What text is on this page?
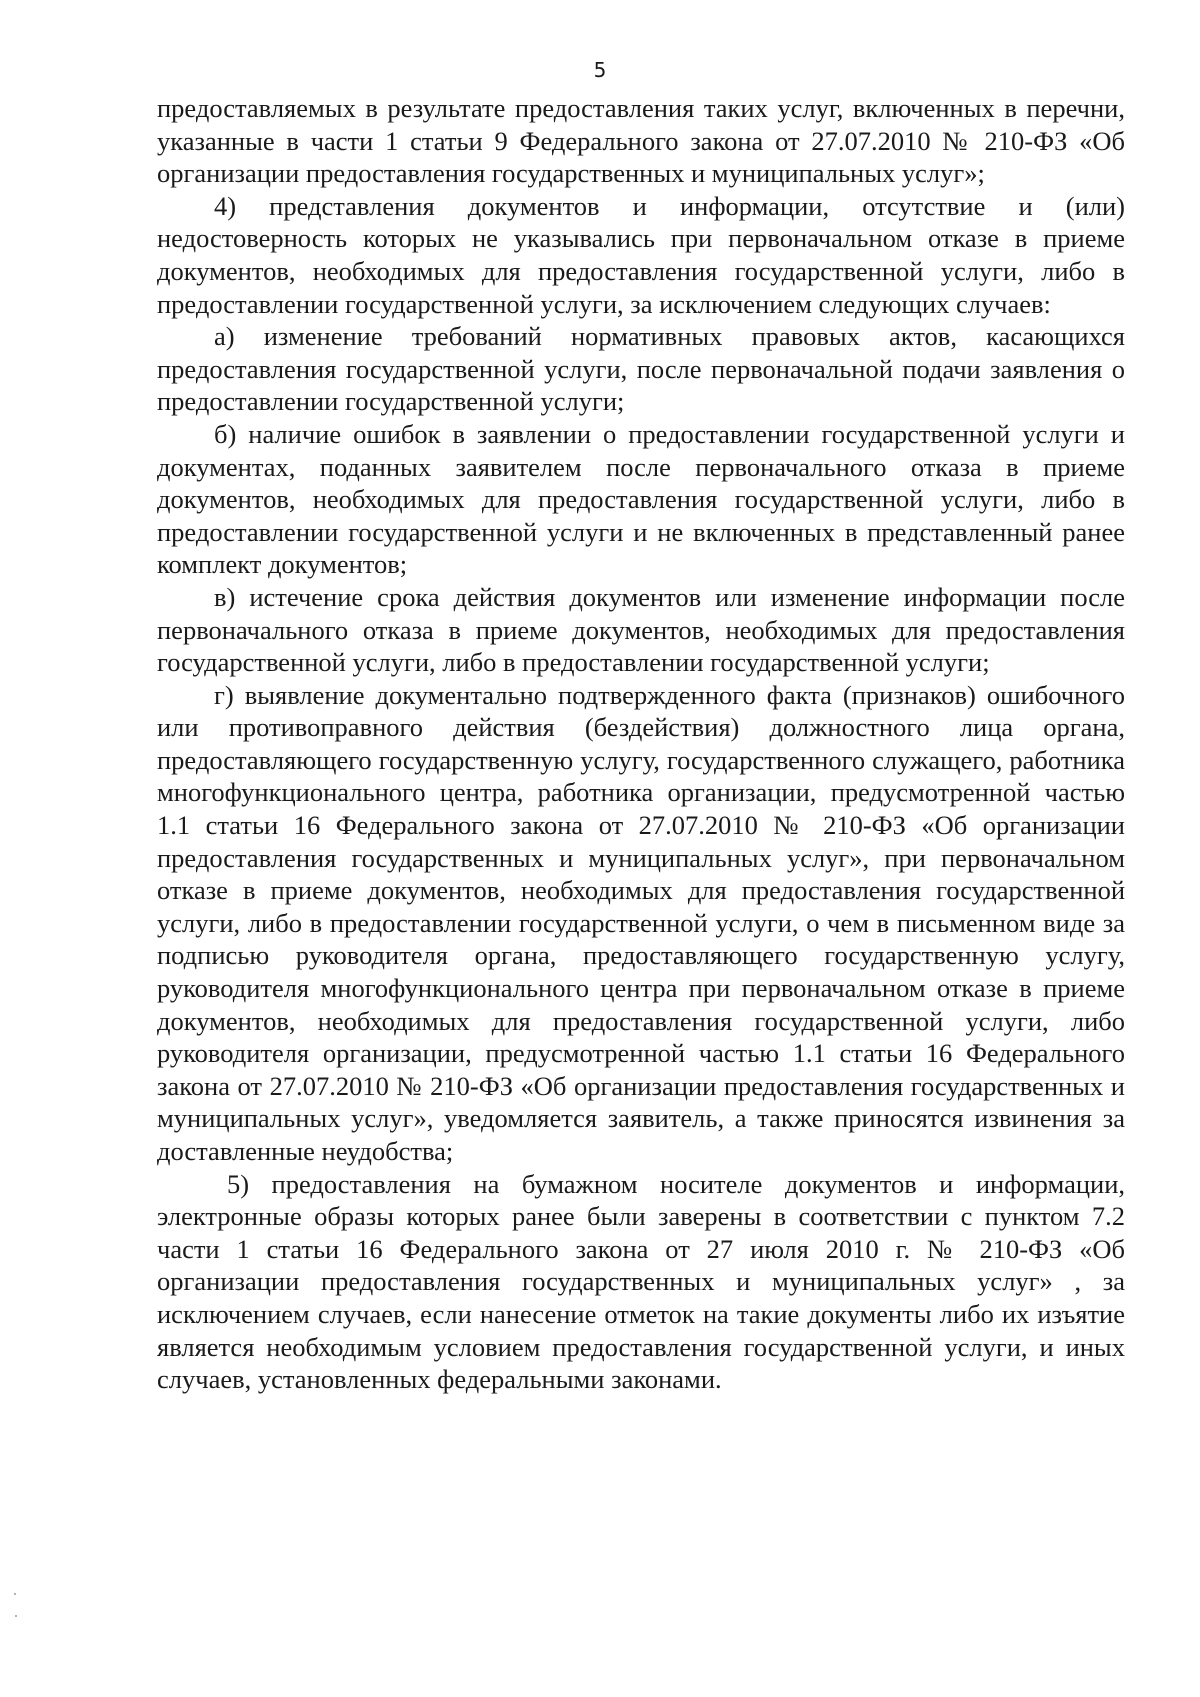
5

предоставляемых в результате предоставления таких услуг, включенных в перечни, указанные в части 1 статьи 9 Федерального закона от 27.07.2010 № 210-ФЗ «Об организации предоставления государственных и муниципальных услуг»;

4) представления документов и информации, отсутствие и (или) недостоверность которых не указывались при первоначальном отказе в приеме документов, необходимых для предоставления государственной услуги, либо в предоставлении государственной услуги, за исключением следующих случаев:

а) изменение требований нормативных правовых актов, касающихся предоставления государственной услуги, после первоначальной подачи заявления о предоставлении государственной услуги;

б) наличие ошибок в заявлении о предоставлении государственной услуги и документах, поданных заявителем после первоначального отказа в приеме документов, необходимых для предоставления государственной услуги, либо в предоставлении государственной услуги и не включенных в представленный ранее комплект документов;

в) истечение срока действия документов или изменение информации после первоначального отказа в приеме документов, необходимых для предоставления государственной услуги, либо в предоставлении государственной услуги;

г) выявление документально подтвержденного факта (признаков) ошибочного или противоправного действия (бездействия) должностного лица органа, предоставляющего государственную услугу, государственного служащего, работника многофункционального центра, работника организации, предусмотренной частью 1.1 статьи 16 Федерального закона от 27.07.2010 № 210-ФЗ «Об организации предоставления государственных и муниципальных услуг», при первоначальном отказе в приеме документов, необходимых для предоставления государственной услуги, либо в предоставлении государственной услуги, о чем в письменном виде за подписью руководителя органа, предоставляющего государственную услугу, руководителя многофункционального центра при первоначальном отказе в приеме документов, необходимых для предоставления государственной услуги, либо руководителя организации, предусмотренной частью 1.1 статьи 16 Федерального закона от 27.07.2010 № 210-ФЗ «Об организации предоставления государственных и муниципальных услуг», уведомляется заявитель, а также приносятся извинения за доставленные неудобства;

5) предоставления на бумажном носителе документов и информации, электронные образы которых ранее были заверены в соответствии с пунктом 7.2 части 1 статьи 16 Федерального закона от 27 июля 2010 г. № 210-ФЗ «Об организации предоставления государственных и муниципальных услуг» , за исключением случаев, если нанесение отметок на такие документы либо их изъятие является необходимым условием предоставления государственной услуги, и иных случаев, установленных федеральными законами.
